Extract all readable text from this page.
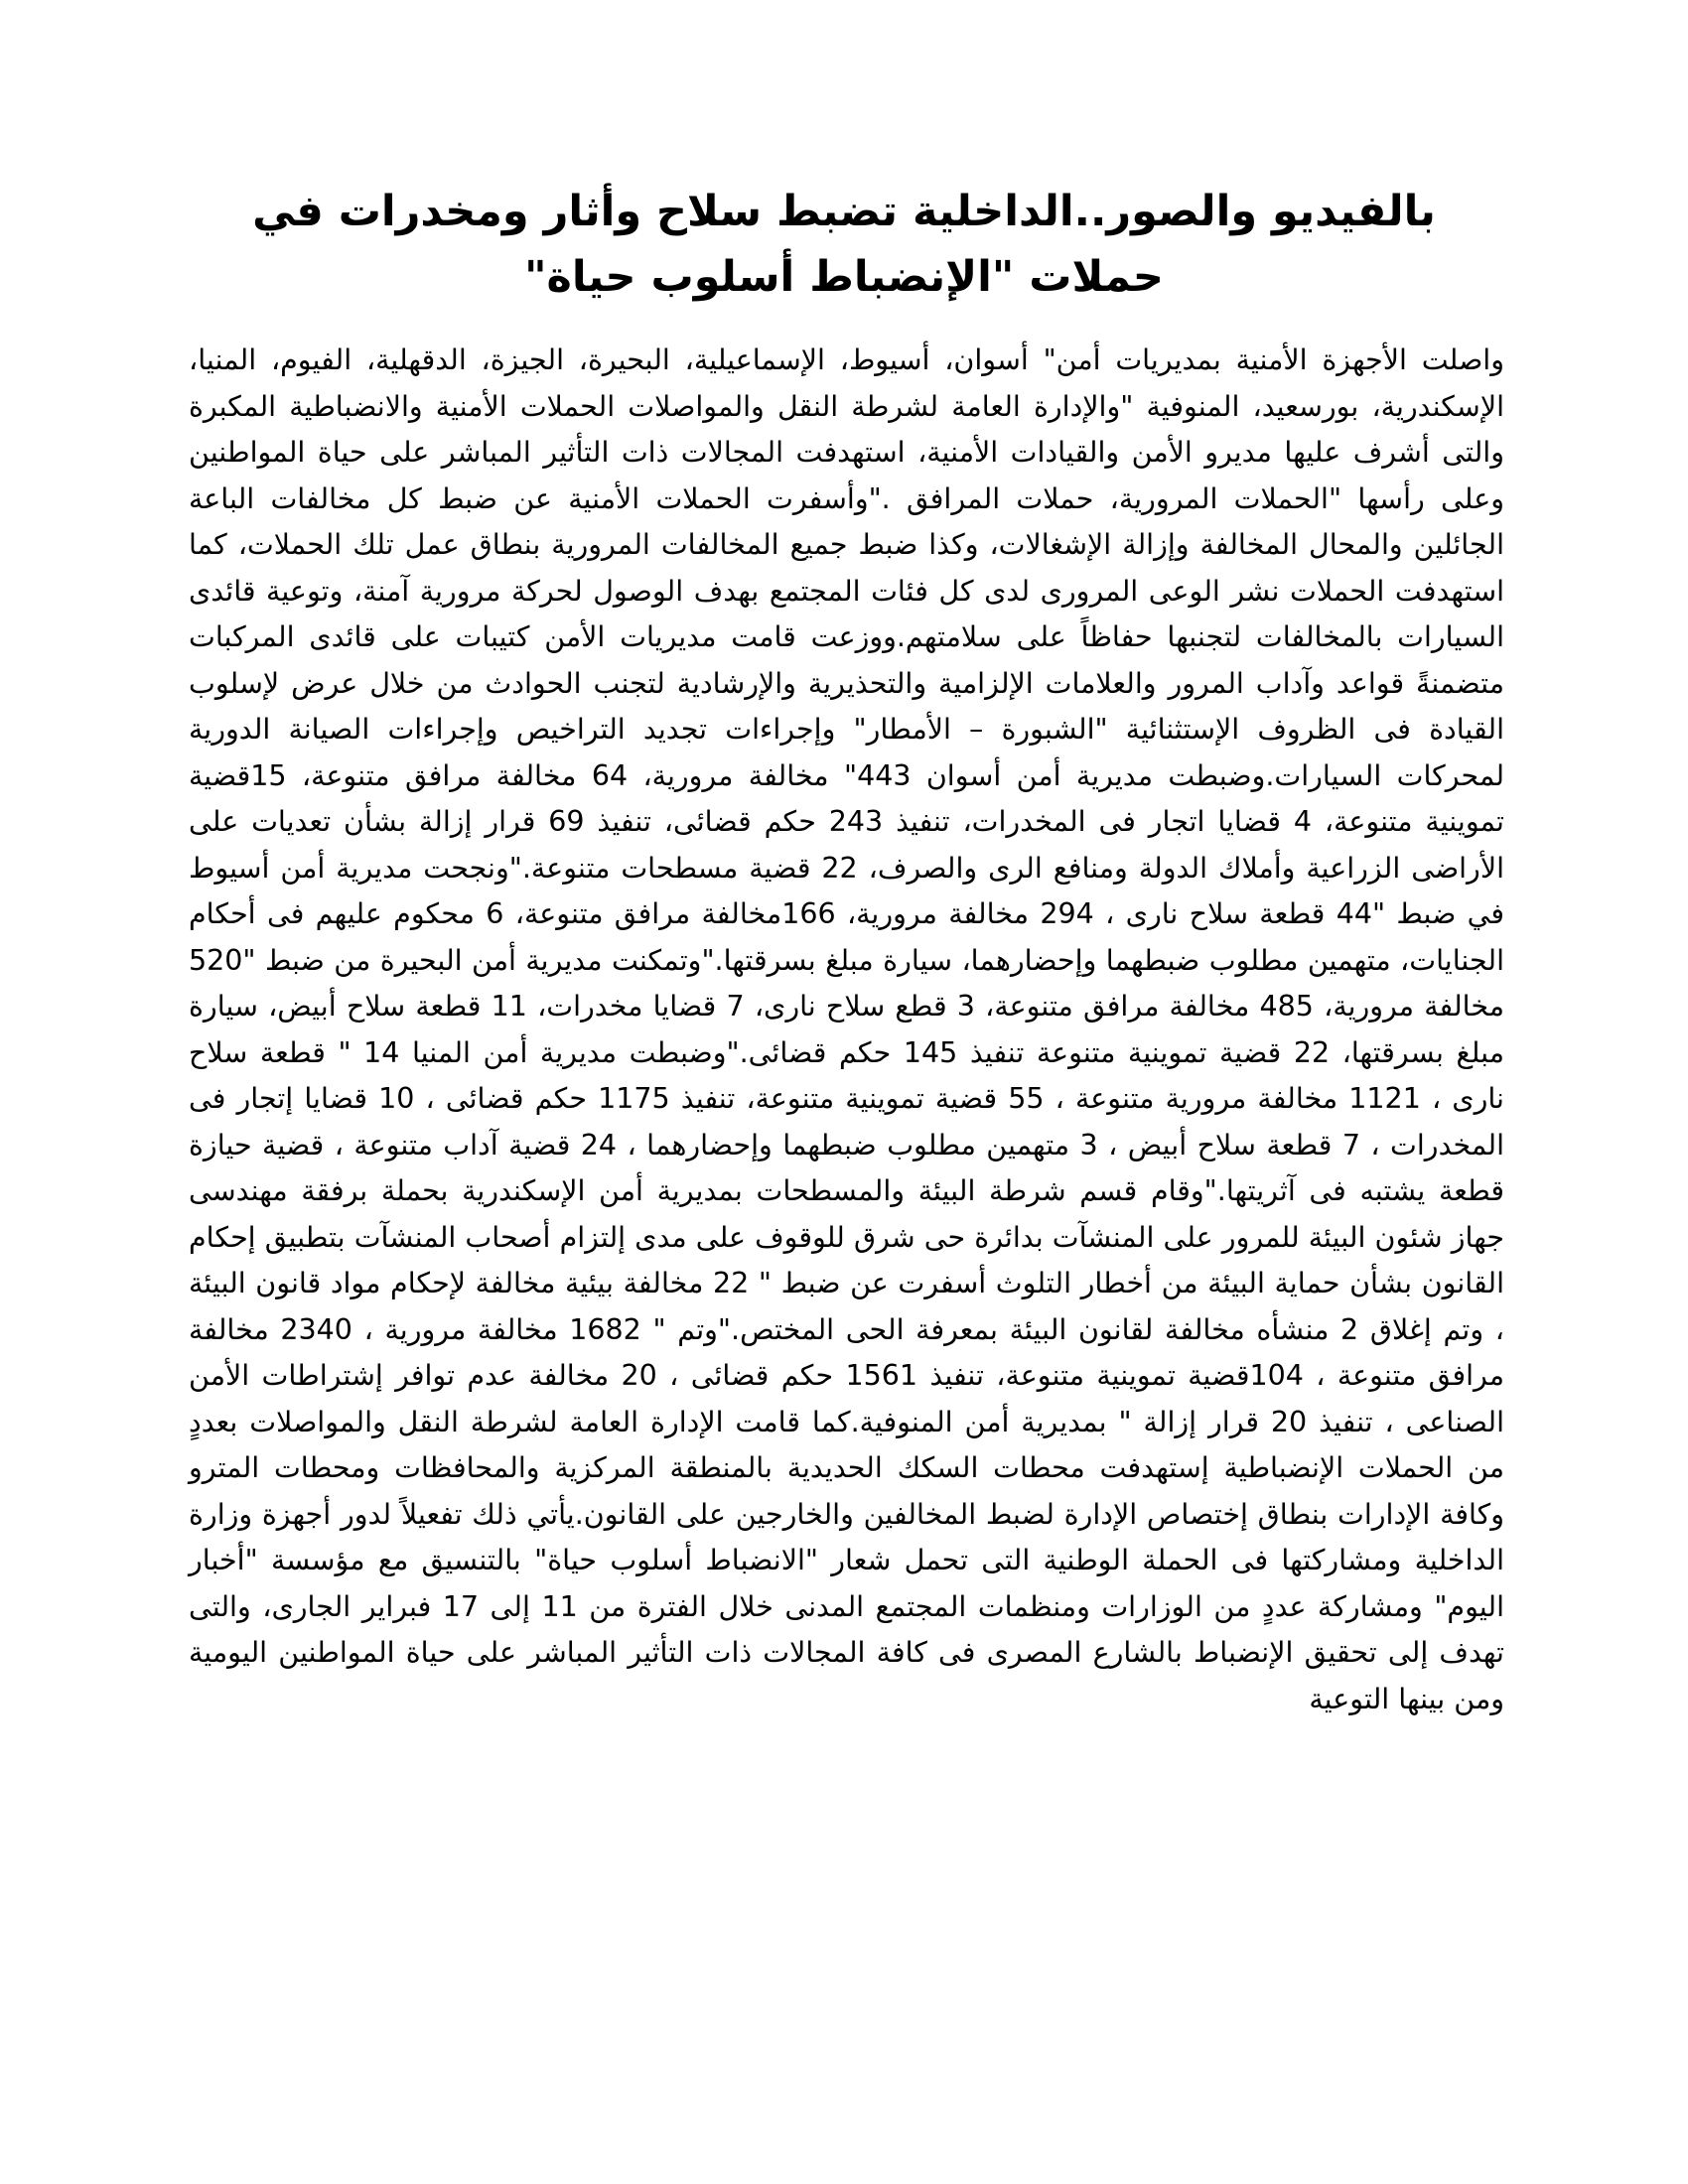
بالفيديو والصور..الداخلية تضبط سلاح وأثار ومخدرات في حملات "الإنضباط أسلوب حياة"

واصلت الأجهزة الأمنية بمديريات أمن" أسوان، أسيوط، الإسماعيلية، البحيرة، الجيزة، الدقهلية، الفيوم، المنيا، الإسكندرية، بورسعيد، المنوفية "والإدارة العامة لشرطة النقل والمواصلات الحملات الأمنية والانضباطية المكبرة والتى أشرف عليها مديرو الأمن والقيادات الأمنية، استهدفت المجالات ذات التأثير المباشر على حياة المواطنين وعلى رأسها "الحملات المرورية، حملات المرافق ."وأسفرت الحملات الأمنية عن ضبط كل مخالفات الباعة الجائلين والمحال المخالفة وإزالة الإشغالات، وكذا ضبط جميع المخالفات المرورية بنطاق عمل تلك الحملات، كما استهدفت الحملات نشر الوعى المرورى لدى كل فئات المجتمع بهدف الوصول لحركة مرورية آمنة، وتوعية قائدى السيارات بالمخالفات لتجنبها حفاظاً على سلامتهم.ووزعت قامت مديريات الأمن كتيبات على قائدى المركبات متضمنةً قواعد وآداب المرور والعلامات الإلزامية والتحذيرية والإرشادية لتجنب الحوادث من خلال عرض لإسلوب القيادة فى الظروف الإستثنائية "الشبورة – الأمطار" وإجراءات تجديد التراخيص وإجراءات الصيانة الدورية لمحركات السيارات.وضبطت مديرية أمن أسوان 443" مخالفة مرورية، 64 مخالفة مرافق متنوعة، 15قضية تموينية متنوعة، 4 قضايا اتجار فى المخدرات، تنفيذ 243 حكم قضائى، تنفيذ 69 قرار إزالة بشأن تعديات على الأراضى الزراعية وأملاك الدولة ومنافع الرى والصرف، 22 قضية مسطحات متنوعة."ونجحت مديرية أمن أسيوط في ضبط "44 قطعة سلاح نارى ، 294 مخالفة مرورية، 166مخالفة مرافق متنوعة، 6 محكوم عليهم فى أحكام الجنايات، متهمين مطلوب ضبطهما وإحضارهما، سيارة مبلغ بسرقتها."وتمكنت مديرية أمن البحيرة من ضبط "520 مخالفة مرورية، 485 مخالفة مرافق متنوعة، 3 قطع سلاح نارى، 7 قضايا مخدرات، 11 قطعة سلاح أبيض، سيارة مبلغ بسرقتها، 22 قضية تموينية متنوعة تنفيذ 145 حكم قضائى."وضبطت مديرية أمن المنيا 14 " قطعة سلاح نارى ، 1121 مخالفة مرورية متنوعة ، 55 قضية تموينية متنوعة، تنفيذ 1175 حكم قضائى ، 10 قضايا إتجار فى المخدرات ، 7 قطعة سلاح أبيض ، 3 متهمين مطلوب ضبطهما وإحضارهما ، 24 قضية آداب متنوعة ، قضية حيازة قطعة يشتبه فى آثريتها."وقام قسم شرطة البيئة والمسطحات بمديرية أمن الإسكندرية بحملة برفقة مهندسى جهاز شئون البيئة للمرور على المنشآت بدائرة حى شرق للوقوف على مدى إلتزام أصحاب المنشآت بتطبيق إحكام القانون بشأن حماية البيئة من أخطار التلوث أسفرت عن ضبط " 22 مخالفة بيئية مخالفة لإحكام مواد قانون البيئة ، وتم إغلاق 2 منشأه مخالفة لقانون البيئة بمعرفة الحى المختص."وتم " 1682 مخالفة مرورية ، 2340 مخالفة مرافق متنوعة ، 104قضية تموينية متنوعة، تنفيذ 1561 حكم قضائى ، 20 مخالفة عدم توافر إشتراطات الأمن الصناعى ، تنفيذ 20 قرار إزالة " بمديرية أمن المنوفية.كما قامت الإدارة العامة لشرطة النقل والمواصلات بعددٍ من الحملات الإنضباطية إستهدفت محطات السكك الحديدية بالمنطقة المركزية والمحافظات ومحطات المترو وكافة الإدارات بنطاق إختصاص الإدارة لضبط المخالفين والخارجين على القانون.يأتي ذلك تفعيلاً لدور أجهزة وزارة الداخلية ومشاركتها فى الحملة الوطنية التى تحمل شعار "الانضباط أسلوب حياة" بالتنسيق مع مؤسسة "أخبار اليوم" ومشاركة عددٍ من الوزارات ومنظمات المجتمع المدنى خلال الفترة من 11 إلى 17 فبراير الجارى، والتى تهدف إلى تحقيق الإنضباط بالشارع المصرى فى كافة المجالات ذات التأثير المباشر على حياة المواطنين اليومية ومن بينها التوعية
